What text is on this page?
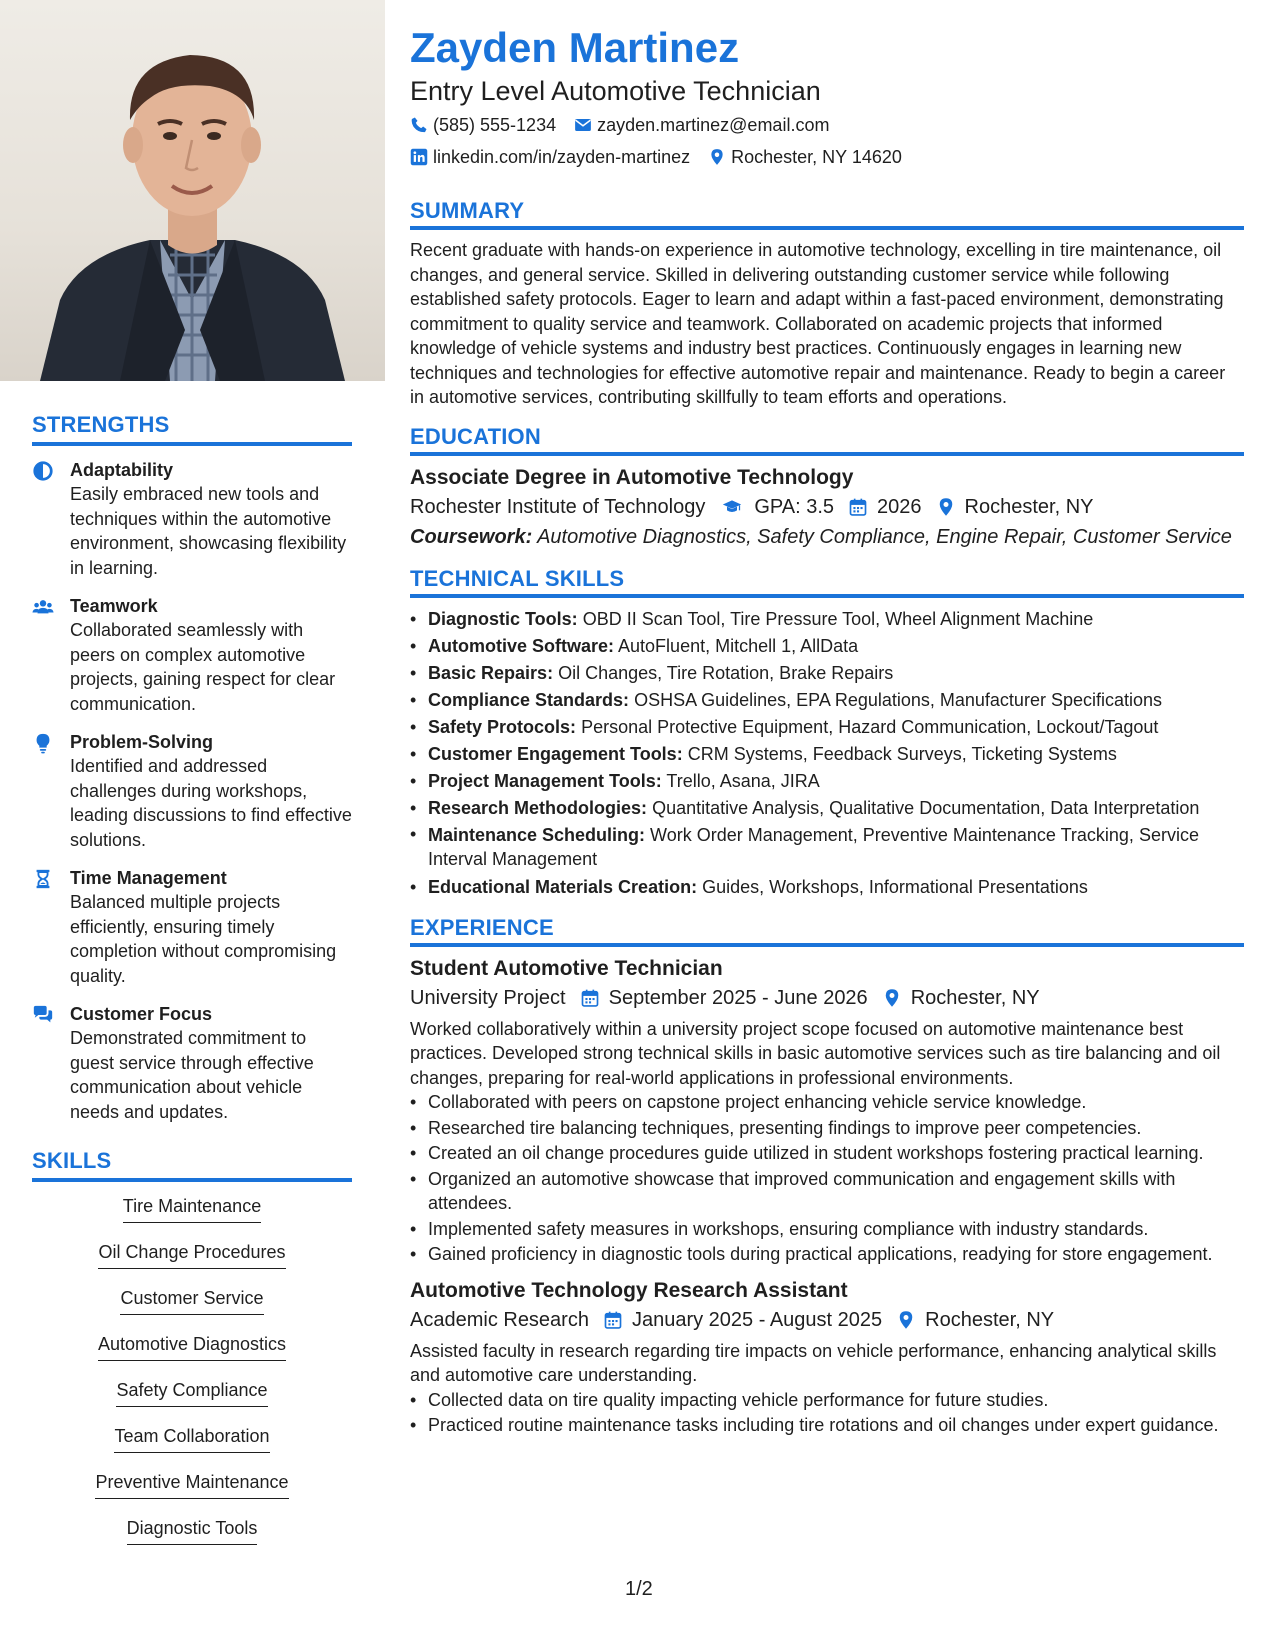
STRENGTHS
Adaptability
Easily embraced new tools and techniques within the automotive environment, showcasing flexibility in learning.
Teamwork
Collaborated seamlessly with peers on complex automotive projects, gaining respect for clear communication.
Problem-Solving
Identified and addressed challenges during workshops, leading discussions to find effective solutions.
Time Management
Balanced multiple projects efficiently, ensuring timely completion without compromising quality.
Customer Focus
Demonstrated commitment to guest service through effective communication about vehicle needs and updates.
SKILLS
Tire Maintenance
Oil Change Procedures
Customer Service
Automotive Diagnostics
Safety Compliance
Team Collaboration
Preventive Maintenance
Diagnostic Tools
Zayden Martinez
Entry Level Automotive Technician
(585) 555-1234 zayden.martinez@email.com
linkedin.com/in/zayden-martinez Rochester, NY 14620
SUMMARY
Recent graduate with hands-on experience in automotive technology, excelling in tire maintenance, oil changes, and general service. Skilled in delivering outstanding customer service while following established safety protocols. Eager to learn and adapt within a fast-paced environment, demonstrating commitment to quality service and teamwork. Collaborated on academic projects that informed knowledge of vehicle systems and industry best practices. Continuously engages in learning new techniques and technologies for effective automotive repair and maintenance. Ready to begin a career in automotive services, contributing skillfully to team efforts and operations.
EDUCATION
Associate Degree in Automotive Technology
Rochester Institute of Technology GPA: 3.5 2026 Rochester, NY
Coursework: Automotive Diagnostics, Safety Compliance, Engine Repair, Customer Service
TECHNICAL SKILLS
• Diagnostic Tools: OBD II Scan Tool, Tire Pressure Tool, Wheel Alignment Machine
• Automotive Software: AutoFluent, Mitchell 1, AllData
• Basic Repairs: Oil Changes, Tire Rotation, Brake Repairs
• Compliance Standards: OSHSA Guidelines, EPA Regulations, Manufacturer Specifications
• Safety Protocols: Personal Protective Equipment, Hazard Communication, Lockout/Tagout
• Customer Engagement Tools: CRM Systems, Feedback Surveys, Ticketing Systems
• Project Management Tools: Trello, Asana, JIRA
• Research Methodologies: Quantitative Analysis, Qualitative Documentation, Data Interpretation
• Maintenance Scheduling: Work Order Management, Preventive Maintenance Tracking, Service Interval Management
• Educational Materials Creation: Guides, Workshops, Informational Presentations
EXPERIENCE
Student Automotive Technician
University Project September 2025 - June 2026 Rochester, NY
Worked collaboratively within a university project scope focused on automotive maintenance best practices. Developed strong technical skills in basic automotive services such as tire balancing and oil changes, preparing for real-world applications in professional environments.
• Collaborated with peers on capstone project enhancing vehicle service knowledge.
• Researched tire balancing techniques, presenting findings to improve peer competencies.
• Created an oil change procedures guide utilized in student workshops fostering practical learning.
• Organized an automotive showcase that improved communication and engagement skills with attendees.
• Implemented safety measures in workshops, ensuring compliance with industry standards.
• Gained proficiency in diagnostic tools during practical applications, readying for store engagement.
Automotive Technology Research Assistant
Academic Research January 2025 - August 2025 Rochester, NY
Assisted faculty in research regarding tire impacts on vehicle performance, enhancing analytical skills and automotive care understanding.
• Collected data on tire quality impacting vehicle performance for future studies.
• Practiced routine maintenance tasks including tire rotations and oil changes under expert guidance.
1/2
